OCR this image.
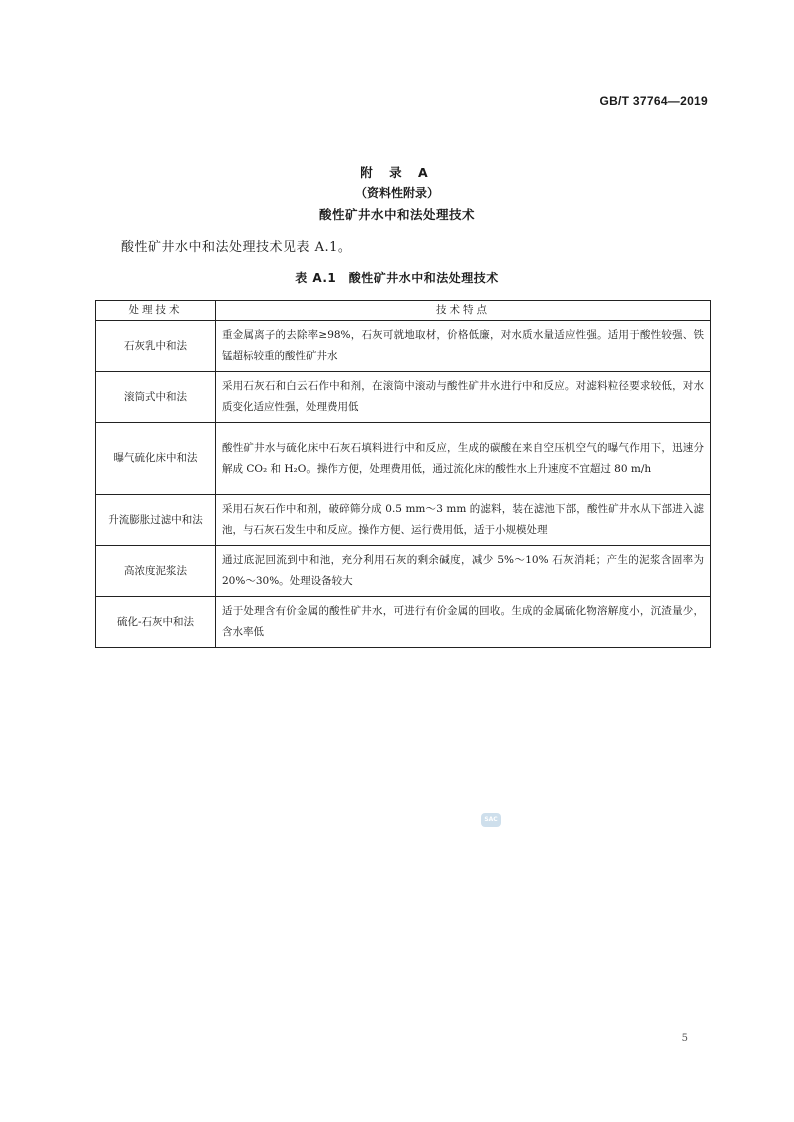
GB/T 37764—2019
附 录 A
（资料性附录）
酸性矿井水中和法处理技术
酸性矿井水中和法处理技术见表 A.1。
表 A.1　酸性矿井水中和法处理技术
处理技术	技术特点
石灰乳中和法	重金属离子的去除率≥98%，石灰可就地取材，价格低廉，对水质水量适应性强。适用于酸性较强、铁锰超标较重的酸性矿井水
滚筒式中和法	采用石灰石和白云石作中和剂，在滚筒中滚动与酸性矿井水进行中和反应。对滤料粒径要求较低，对水质变化适应性强，处理费用低
曝气硫化床中和法	酸性矿井水与硫化床中石灰石填料进行中和反应，生成的碳酸在来自空压机空气的曝气作用下，迅速分解成 CO₂ 和 H₂O。操作方便，处理费用低，通过流化床的酸性水上升速度不宜超过 80 m/h
升流膨胀过滤中和法	采用石灰石作中和剂，破碎筛分成 0.5 mm～3 mm 的滤料，装在滤池下部，酸性矿井水从下部进入滤池，与石灰石发生中和反应。操作方便、运行费用低，适于小规模处理
高浓度泥浆法	通过底泥回流到中和池，充分利用石灰的剩余碱度，减少 5%～10% 石灰消耗；产生的泥浆含固率为 20%～30%。处理设备较大
硫化-石灰中和法	适于处理含有价金属的酸性矿井水，可进行有价金属的回收。生成的金属硫化物溶解度小，沉渣量少，含水率低
SAC
5
